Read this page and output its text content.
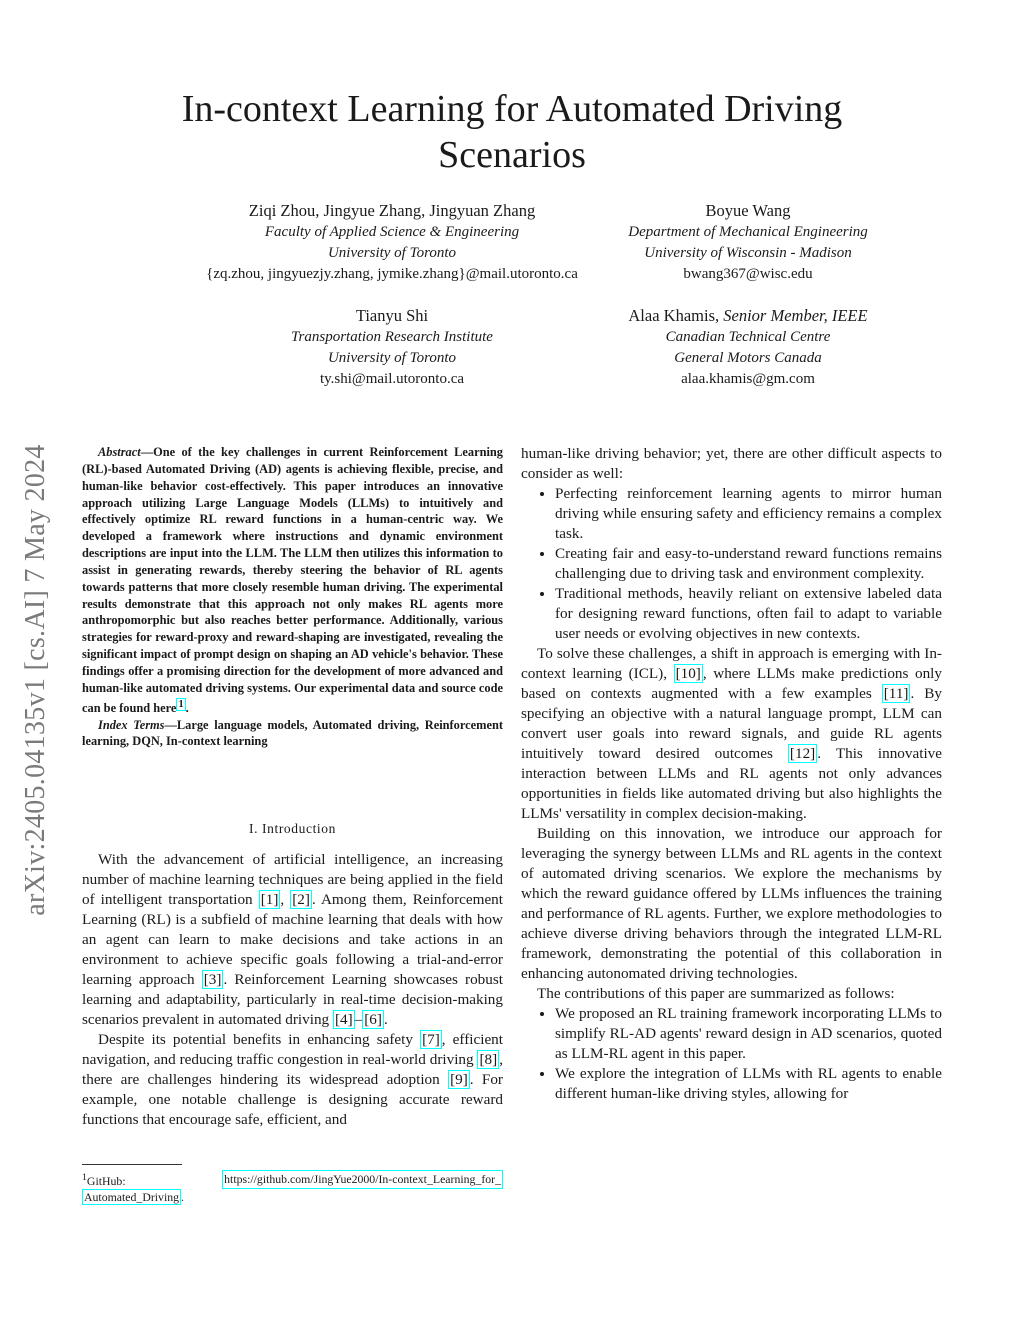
arXiv:2405.04135v1 [cs.AI] 7 May 2024
In-context Learning for Automated Driving Scenarios
Ziqi Zhou, Jingyue Zhang, Jingyuan Zhang
Faculty of Applied Science & Engineering
University of Toronto
{zq.zhou, jingyuezjy.zhang, jymike.zhang}@mail.utoronto.ca
Boyue Wang
Department of Mechanical Engineering
University of Wisconsin - Madison
bwang367@wisc.edu
Tianyu Shi
Transportation Research Institute
University of Toronto
ty.shi@mail.utoronto.ca
Alaa Khamis, Senior Member, IEEE
Canadian Technical Centre
General Motors Canada
alaa.khamis@gm.com

Abstract—One of the key challenges in current Reinforcement Learning (RL)-based Automated Driving (AD) agents is achieving flexible, precise, and human-like behavior cost-effectively. This paper introduces an innovative approach utilizing Large Language Models (LLMs) to intuitively and effectively optimize RL reward functions in a human-centric way. We developed a framework where instructions and dynamic environment descriptions are input into the LLM. The LLM then utilizes this information to assist in generating rewards, thereby steering the behavior of RL agents towards patterns that more closely resemble human driving. The experimental results demonstrate that this approach not only makes RL agents more anthropomorphic but also reaches better performance. Additionally, various strategies for reward-proxy and reward-shaping are investigated, revealing the significant impact of prompt design on shaping an AD vehicle's behavior. These findings offer a promising direction for the development of more advanced and human-like automated driving systems. Our experimental data and source code can be found here $^1$ .

Index Terms—Large language models, Automated driving, Reinforcement learning, DQN, In-context learning

I. Introduction

With the advancement of artificial intelligence, an increasing number of machine learning techniques are being applied in the field of intelligent transportation [1] , [2] . Among them, Reinforcement Learning (RL) is a subfield of machine learning that deals with how an agent can learn to make decisions and take actions in an environment to achieve specific goals following a trial-and-error learning approach [3] . Reinforcement Learning showcases robust learning and adaptability, particularly in real-time decision-making scenarios prevalent in automated driving [4] – [6] .

Despite its potential benefits in enhancing safety [7] , efficient navigation, and reducing traffic congestion in real-world driving [8] , there are challenges hindering its widespread adoption [9] . For example, one notable challenge is designing accurate reward functions that encourage safe, efficient, and

$^1$GitHub:	https://github.com/JingYue2000/In-context_Learning_for_
Automated_Driving .

human-like driving behavior; yet, there are other difficult aspects to consider as well:

• Perfecting reinforcement learning agents to mirror human driving while ensuring safety and efficiency remains a complex task.
• Creating fair and easy-to-understand reward functions remains challenging due to driving task and environment complexity.
• Traditional methods, heavily reliant on extensive labeled data for designing reward functions, often fail to adapt to variable user needs or evolving objectives in new contexts.

To solve these challenges, a shift in approach is emerging with In-context learning (ICL), [10] , where LLMs make predictions only based on contexts augmented with a few examples [11] . By specifying an objective with a natural language prompt, LLM can convert user goals into reward signals, and guide RL agents intuitively toward desired outcomes [12] . This innovative interaction between LLMs and RL agents not only advances opportunities in fields like automated driving but also highlights the LLMs' versatility in complex decision-making.

Building on this innovation, we introduce our approach for leveraging the synergy between LLMs and RL agents in the context of automated driving scenarios. We explore the mechanisms by which the reward guidance offered by LLMs influences the training and performance of RL agents. Further, we explore methodologies to achieve diverse driving behaviors through the integrated LLM-RL framework, demonstrating the potential of this collaboration in enhancing autonomated driving technologies.

The contributions of this paper are summarized as follows:

• We proposed an RL training framework incorporating LLMs to simplify RL-AD agents' reward design in AD scenarios, quoted as LLM-RL agent in this paper.
• We explore the integration of LLMs with RL agents to enable different human-like driving styles, allowing for
